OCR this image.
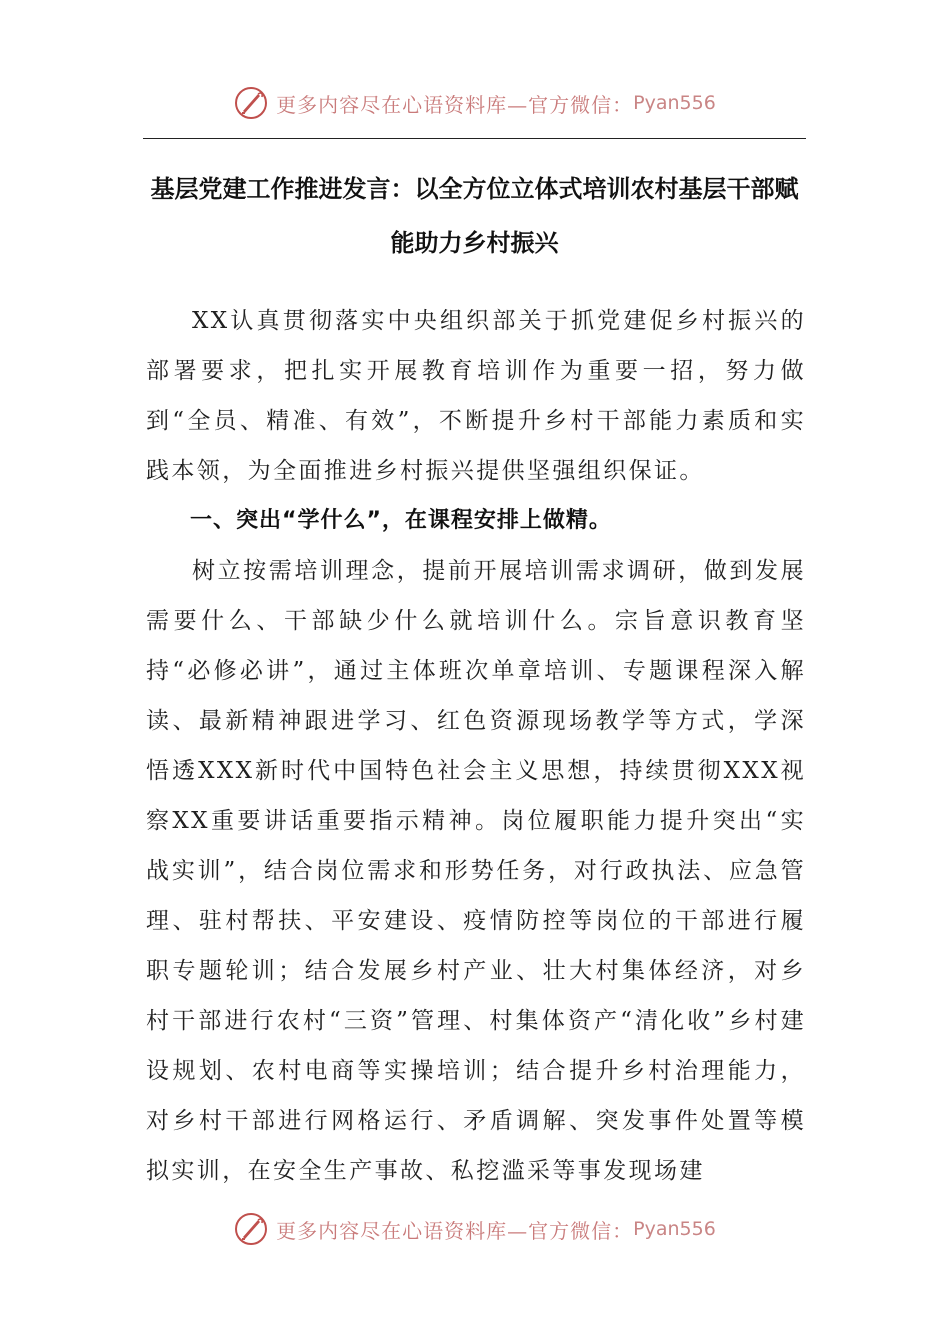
更多内容尽在心语资料库—官方微信： Pyan556
基层党建工作推进发言：以全方位立体式培训农村基层干部赋能助力乡村振兴

XX认真贯彻落实中央组织部关于抓党建促乡村振兴的部署要求，把扎实开展教育培训作为重要一招，努力做到“全员、精准、有效”，不断提升乡村干部能力素质和实践本领，为全面推进乡村振兴提供坚强组织保证。

一、突出“学什么”，在课程安排上做精。

树立按需培训理念，提前开展培训需求调研，做到发展需要什么、干部缺少什么就培训什么。宗旨意识教育坚持“必修必讲”，通过主体班次单章培训、专题课程深入解读、最新精神跟进学习、红色资源现场教学等方式，学深悟透XXX新时代中国特色社会主义思想，持续贯彻XXX视察XX重要讲话重要指示精神。岗位履职能力提升突出“实战实训”，结合岗位需求和形势任务，对行政执法、应急管理、驻村帮扶、平安建设、疫情防控等岗位的干部进行履职专题轮训；结合发展乡村产业、壮大村集体经济，对乡村干部进行农村“三资”管理、村集体资产“清化收”乡村建设规划、农村电商等实操培训；结合提升乡村治理能力，对乡村干部进行网格运行、矛盾调解、突发事件处置等模拟实训，在安全生产事故、私挖滥采等事发现场建

更多内容尽在心语资料库—官方微信： Pyan556
